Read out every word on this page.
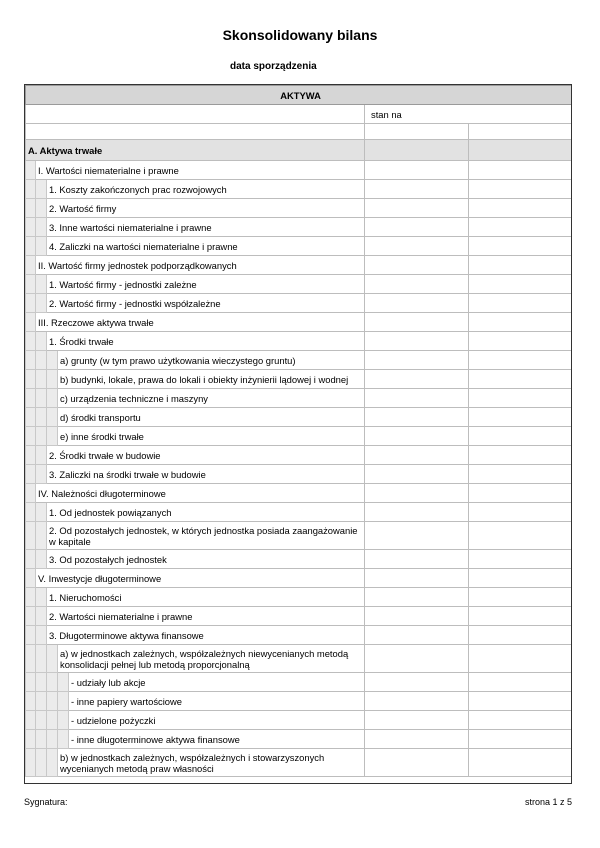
Skonsolidowany bilans
data sporządzenia
AKTYWA						
					stan na	

A. Aktywa trwałe						
	I. Wartości niematerialne i prawne					
		1. Koszty zakończonych prac rozwojowych				
		2. Wartość firmy				
		3. Inne wartości niematerialne i prawne				
		4. Zaliczki na wartości niematerialne i prawne				
	II. Wartość firmy jednostek podporządkowanych					
		1. Wartość firmy - jednostki zależne				
		2. Wartość firmy - jednostki współzależne				
	III. Rzeczowe aktywa trwałe					
		1. Środki trwałe				
			a) grunty (w tym prawo użytkowania wieczystego gruntu)			
			b) budynki, lokale, prawa do lokali i obiekty inżynierii lądowej i wodnej			
			c) urządzenia techniczne i maszyny			
			d) środki transportu			
			e) inne środki trwałe			
		2. Środki trwałe w budowie				
		3. Zaliczki na środki trwałe w budowie				
	IV. Należności długoterminowe					
		1. Od jednostek powiązanych				
		2. Od pozostałych jednostek, w których jednostka posiada zaangażowanie w kapitale				
		3. Od pozostałych jednostek				
	V. Inwestycje długoterminowe					
		1. Nieruchomości				
		2. Wartości niematerialne i prawne				
		3. Długoterminowe aktywa finansowe				
			a) w jednostkach zależnych, współzależnych niewycenianych metodą konsolidacji pełnej lub metodą proporcjonalną			
				- udziały lub akcje		
				- inne papiery wartościowe		
				- udzielone pożyczki		
				- inne długoterminowe aktywa finansowe		
			b) w jednostkach zależnych, współzależnych i stowarzyszonych wycenianych metodą praw własności			
Sygnatura:	strona 1 z 5
